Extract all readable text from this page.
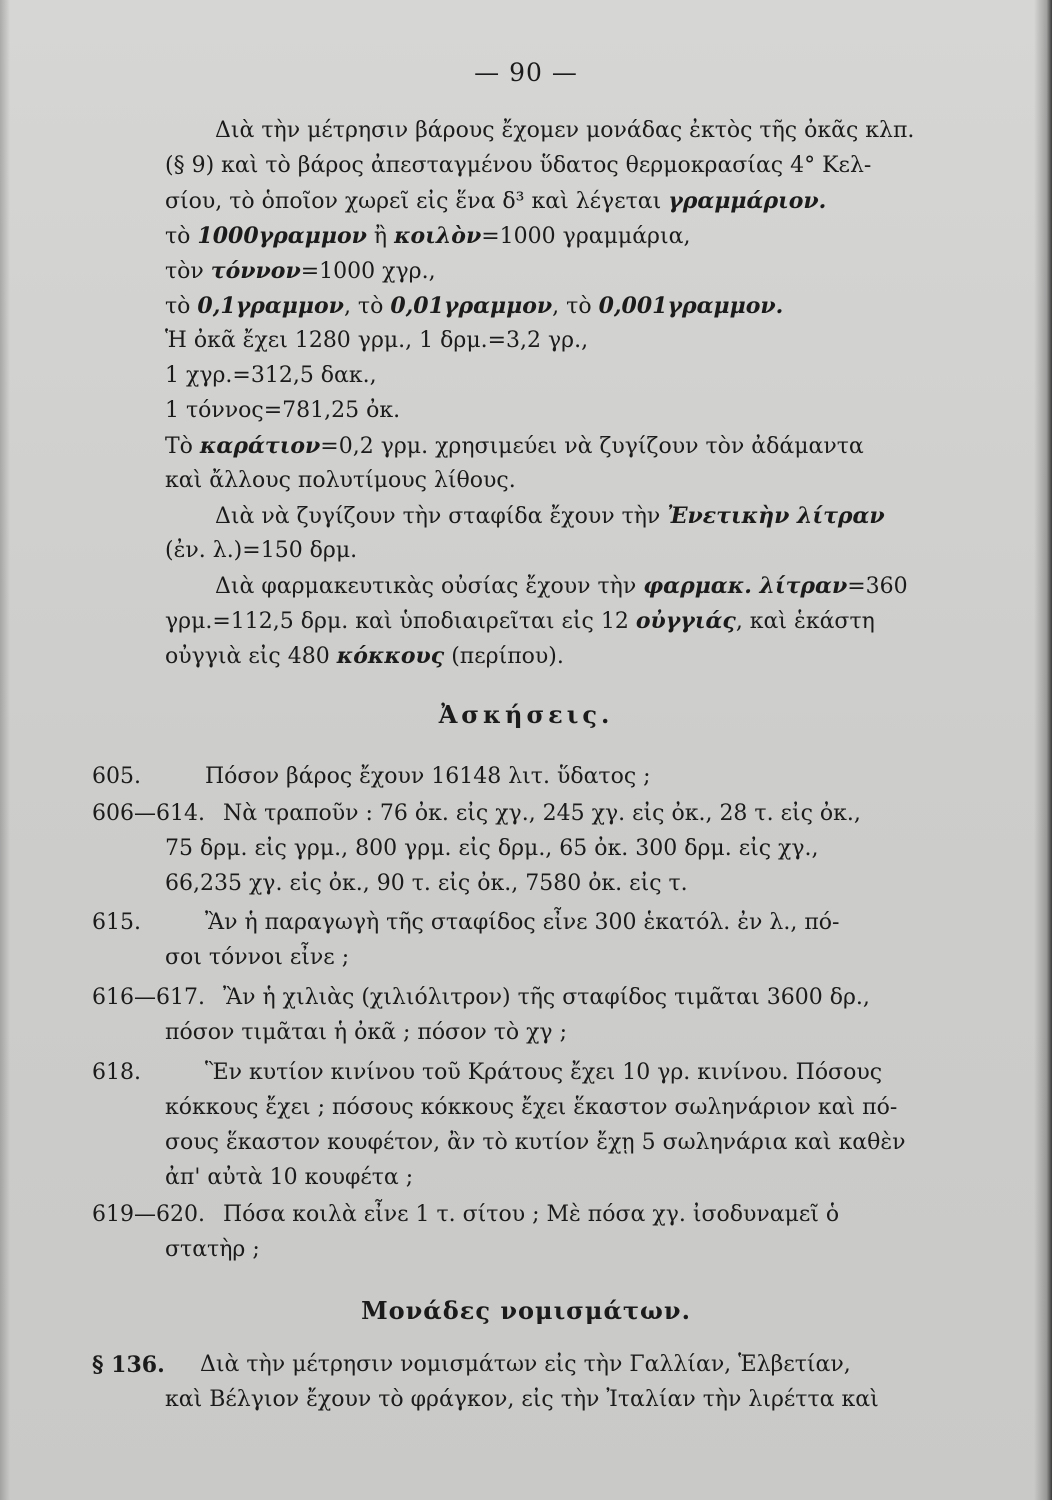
— 90 —
Διὰ τὴν μέτρησιν βάρους ἔχομεν μονάδας ἐκτὸς τῆς ὀκᾶς κλπ.
(§ 9) καὶ τὸ βάρος ἀπεσταγμένου ὕδατος θερμοκρασίας 4° Κελ-
σίου, τὸ ὁποῖον χωρεῖ εἰς ἕνα δ³ καὶ λέγεται γραμμάριον.
τὸ 1000γραμμον ἢ κοιλὸν=1000 γραμμάρια,
τὸν τόννον=1000 χγρ.,
τὸ 0,1γραμμον, τὸ 0,01γραμμον, τὸ 0,001γραμμον.
Ἡ ὀκᾶ ἔχει 1280 γρμ., 1 δρμ.=3,2 γρ.,
1 χγρ.=312,5 δακ.,
1 τόννος=781,25 ὀκ.
Τὸ καράτιον=0,2 γρμ. χρησιμεύει νὰ ζυγίζουν τὸν ἀδάμαντα
καὶ ἄλλους πολυτίμους λίθους.
Διὰ νὰ ζυγίζουν τὴν σταφίδα ἔχουν τὴν Ἐνετικὴν λίτραν
(ἐν. λ.)=150 δρμ.
Διὰ φαρμακευτικὰς οὐσίας ἔχουν τὴν φαρμακ. λίτραν=360
γρμ.=112,5 δρμ. καὶ ὑποδιαιρεῖται εἰς 12 οὐγγιάς, καὶ ἑκάστη
οὐγγιὰ εἰς 480 κόκκους (περίπου).
Ἀσκήσεις.
605.	Πόσον βάρος ἔχουν 16148 λιτ. ὕδατος ;
606—614. Νὰ τραποῦν : 76 ὀκ. εἰς χγ., 245 χγ. εἰς ὀκ., 28 τ. εἰς ὀκ.,
75 δρμ. εἰς γρμ., 800 γρμ. εἰς δρμ., 65 ὀκ. 300 δρμ. εἰς χγ.,
66,235 χγ. εἰς ὀκ., 90 τ. εἰς ὀκ., 7580 ὀκ. εἰς τ.
615.	Ἂν ἡ παραγωγὴ τῆς σταφίδος εἶνε 300 ἑκατόλ. ἐν λ., πό-
σοι τόννοι εἶνε ;
616—617. Ἂν ἡ χιλιὰς (χιλιόλιτρον) τῆς σταφίδος τιμᾶται 3600 δρ.,
πόσον τιμᾶται ἡ ὀκᾶ ; πόσον τὸ χγ ;
618.	Ἓν κυτίον κινίνου τοῦ Κράτους ἔχει 10 γρ. κινίνου. Πόσους
κόκκους ἔχει ; πόσους κόκκους ἔχει ἕκαστον σωληνάριον καὶ πό-
σους ἕκαστον κουφέτον, ἂν τὸ κυτίον ἔχῃ 5 σωληνάρια καὶ καθὲν
ἀπ' αὐτὰ 10 κουφέτα ;
619—620. Πόσα κοιλὰ εἶνε 1 τ. σίτου ; Μὲ πόσα χγ. ἰσοδυναμεῖ ὁ
στατὴρ ;
Μονάδες νομισμάτων.
§ 136. Διὰ τὴν μέτρησιν νομισμάτων εἰς τὴν Γαλλίαν, Ἑλβετίαν,
καὶ Βέλγιον ἔχουν τὸ φράγκον, εἰς τὴν Ἰταλίαν τὴν λιρέττα καὶ
